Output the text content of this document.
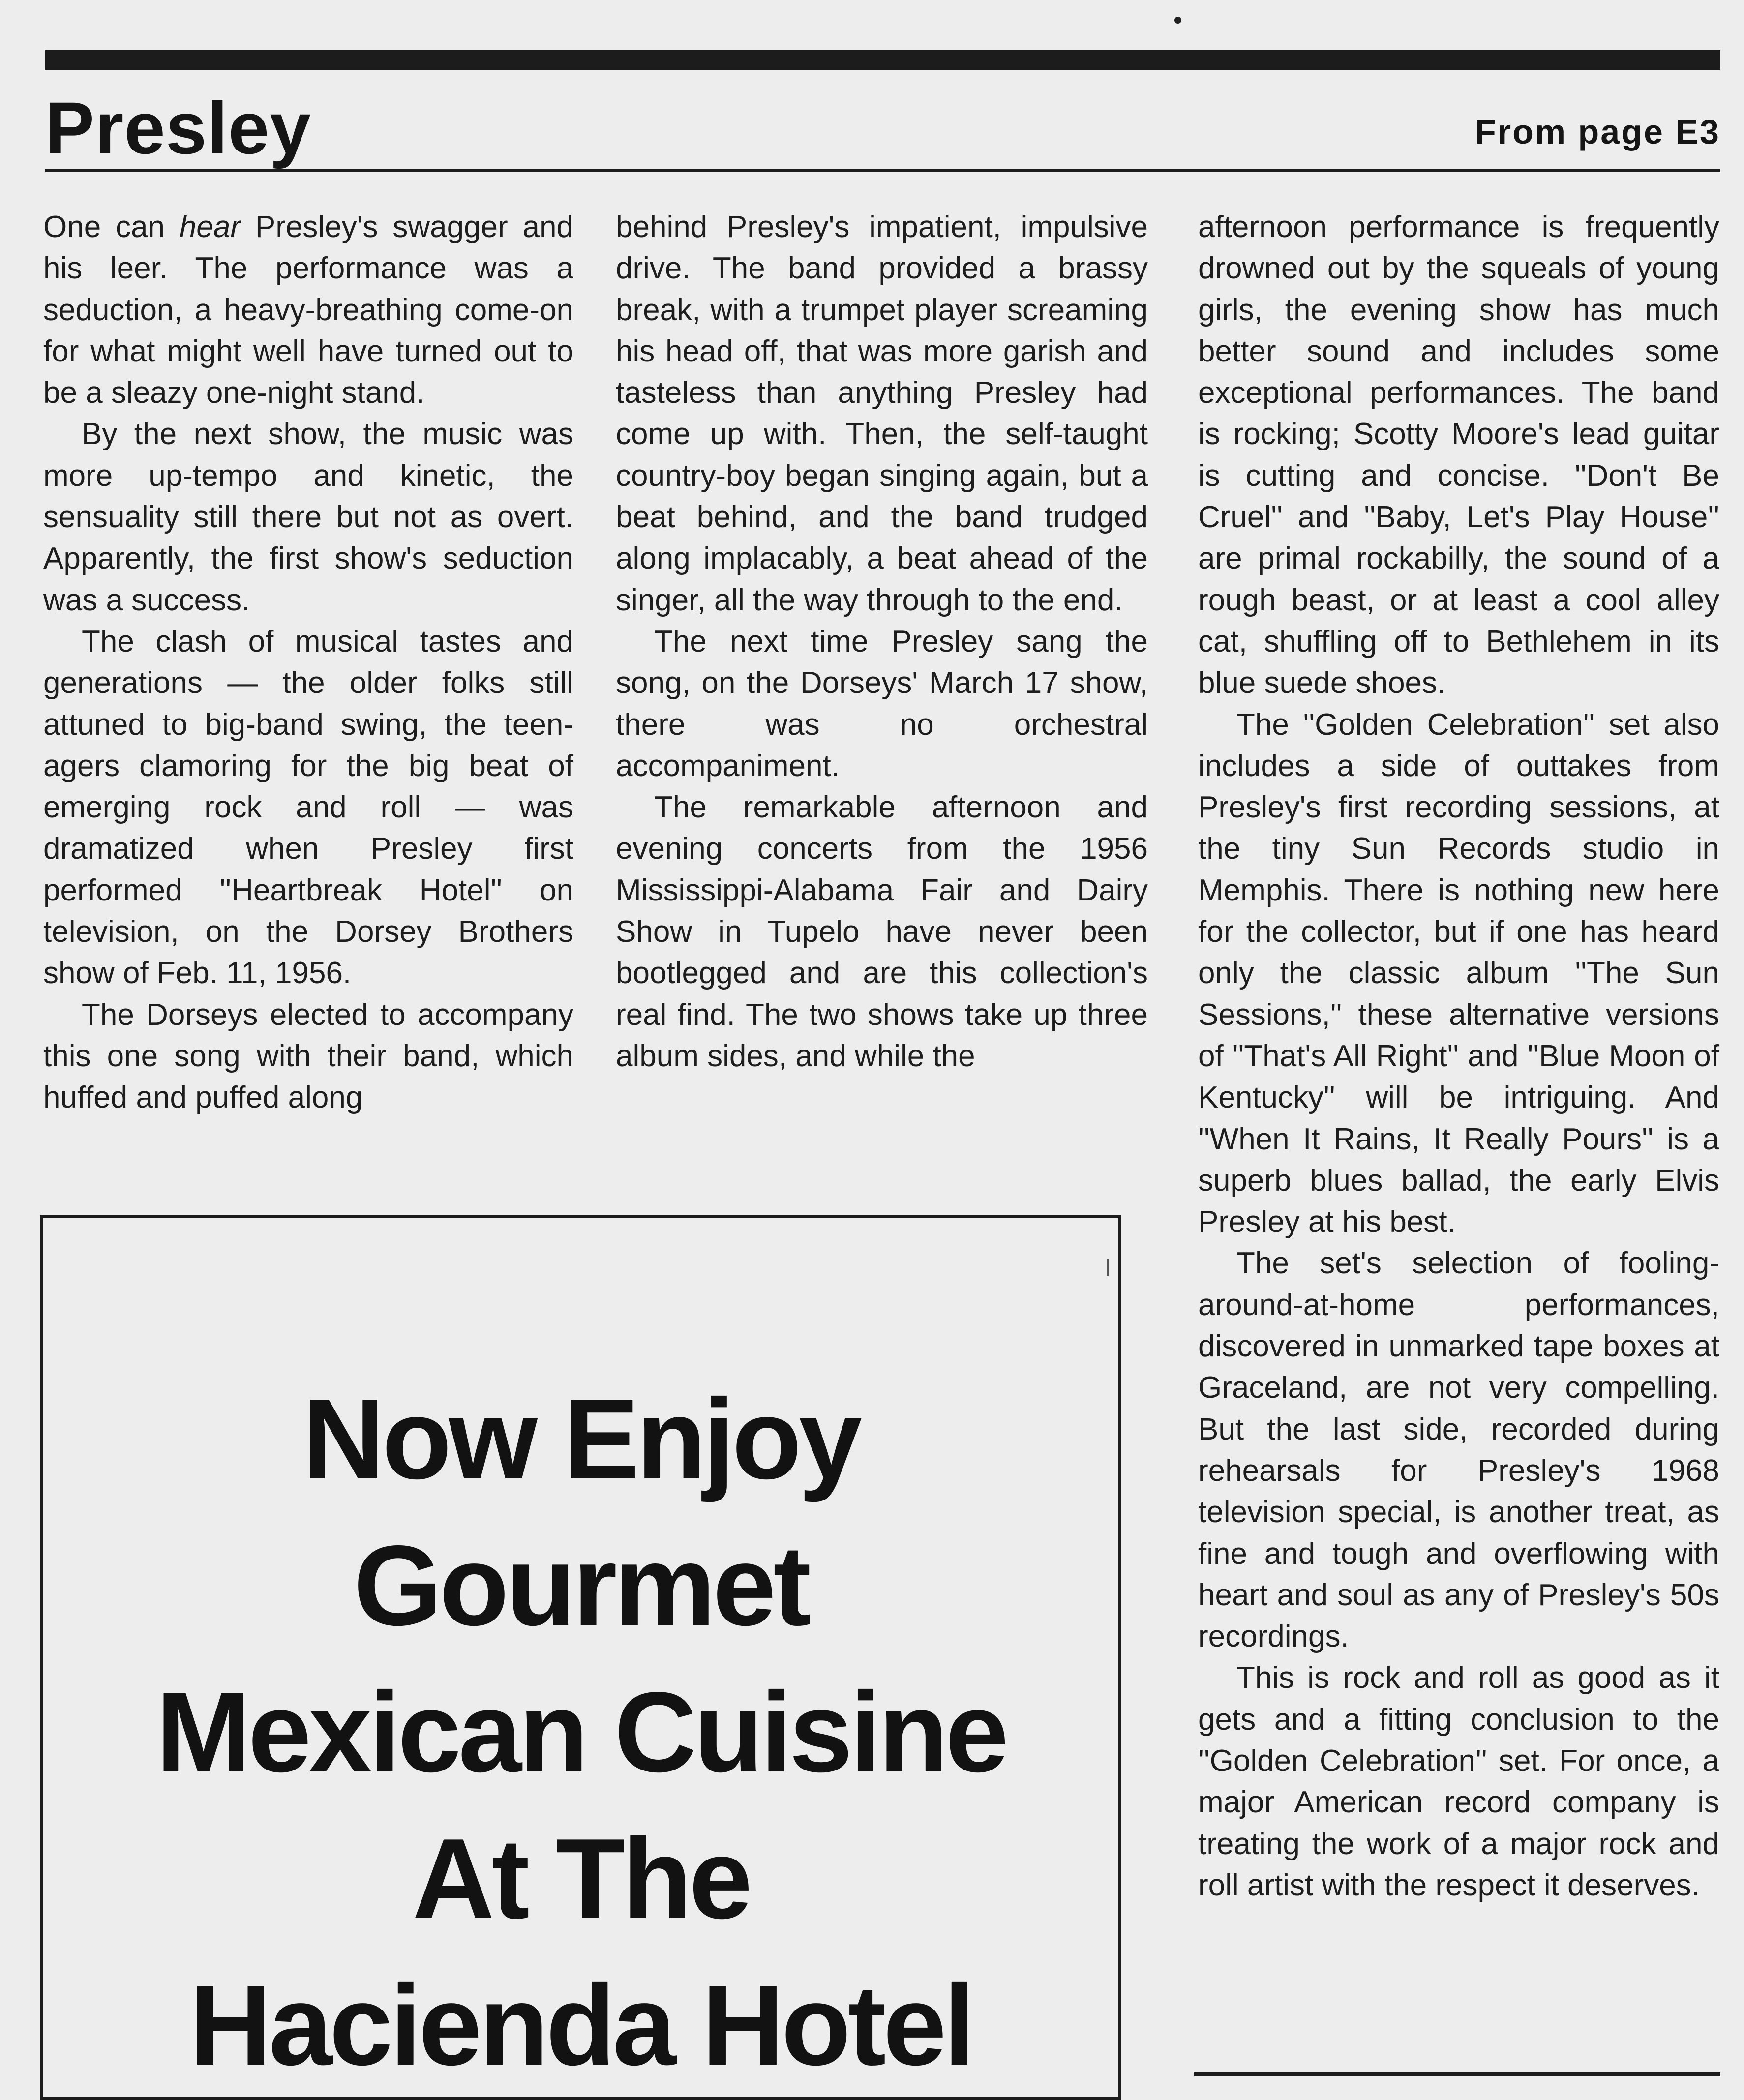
Presley	From page E3

One can hear Presley's swagger and his leer. The performance was a seduction, a heavy-breathing come-on for what might well have turned out to be a sleazy one-night stand.

By the next show, the music was more up-tempo and kinetic, the sensuality still there but not as overt. Apparently, the first show's seduction was a success.

The clash of musical tastes and generations — the older folks still attuned to big-band swing, the teen-agers clamoring for the big beat of emerging rock and roll — was dramatized when Presley first performed ''Heartbreak Hotel'' on television, on the Dorsey Brothers show of Feb. 11, 1956.

The Dorseys elected to accompany this one song with their band, which huffed and puffed along

behind Presley's impatient, impulsive drive. The band provided a brassy break, with a trumpet player screaming his head off, that was more garish and tasteless than anything Presley had come up with. Then, the self-taught country-boy began singing again, but a beat behind, and the band trudged along implacably, a beat ahead of the singer, all the way through to the end.

The next time Presley sang the song, on the Dorseys' March 17 show, there was no orchestral accompaniment.

The remarkable afternoon and evening concerts from the 1956 Mississippi-Alabama Fair and Dairy Show in Tupelo have never been bootlegged and are this collection's real find. The two shows take up three album sides, and while the

afternoon performance is frequently drowned out by the squeals of young girls, the evening show has much better sound and includes some exceptional performances. The band is rocking; Scotty Moore's lead guitar is cutting and concise. ''Don't Be Cruel'' and ''Baby, Let's Play House'' are primal rockabilly, the sound of a rough beast, or at least a cool alley cat, shuffling off to Bethlehem in its blue suede shoes.

The ''Golden Celebration'' set also includes a side of outtakes from Presley's first recording sessions, at the tiny Sun Records studio in Memphis. There is nothing new here for the collector, but if one has heard only the classic album ''The Sun Sessions,'' these alternative versions of ''That's All Right'' and ''Blue Moon of Kentucky'' will be intriguing. And ''When It Rains, It Really Pours'' is a superb blues ballad, the early Elvis Presley at his best.

The set's selection of fooling-around-at-home performances, discovered in unmarked tape boxes at Graceland, are not very compelling. But the last side, recorded during rehearsals for Presley's 1968 television special, is another treat, as fine and tough and overflowing with heart and soul as any of Presley's 50s recordings.

This is rock and roll as good as it gets and a fitting conclusion to the ''Golden Celebration'' set. For once, a major American record company is treating the work of a major rock and roll artist with the respect it deserves.

Now Enjoy
Gourmet
Mexican Cuisine
At The
Hacienda Hotel
